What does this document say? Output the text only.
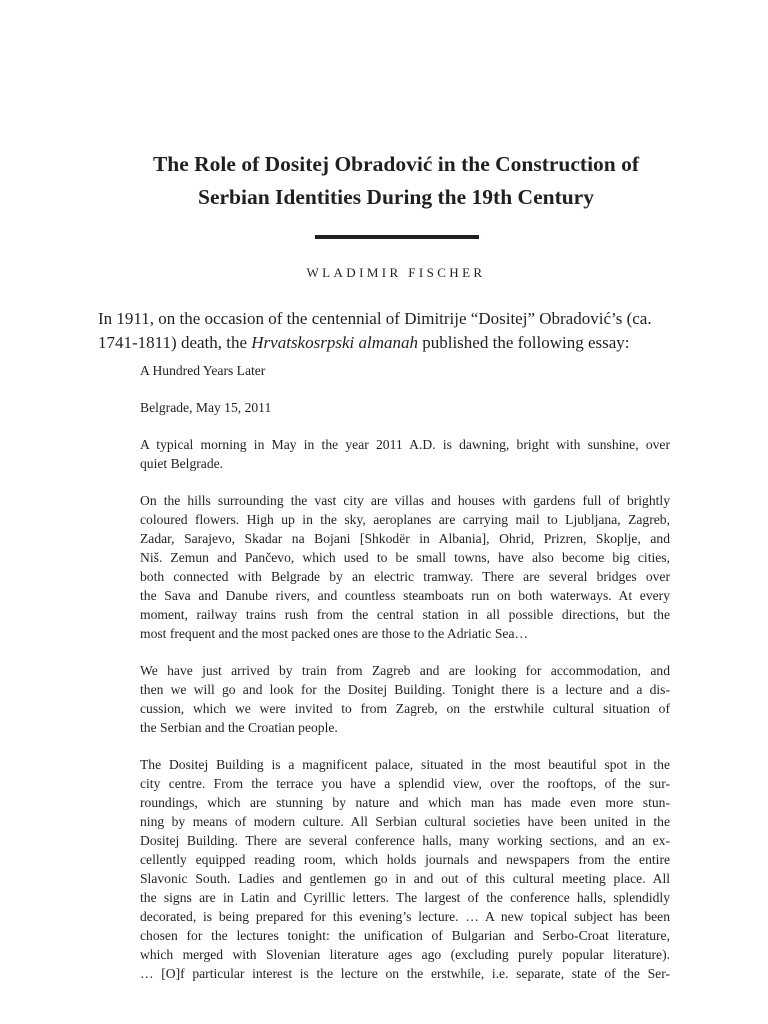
The Role of Dositej Obradović in the Construction of
Serbian Identities During the 19th Century
WLADIMIR FISCHER

In 1911, on the occasion of the centennial of Dimitrije “Dositej” Obradović’s (ca.
1741-1811) death, the Hrvatskosrpski almanah published the following essay:

A Hundred Years Later

Belgrade, May 15, 2011

A typical morning in May in the year 2011 A.D. is dawning, bright with sunshine, over
quiet Belgrade.

On the hills surrounding the vast city are villas and houses with gardens full of brightly
coloured flowers. High up in the sky, aeroplanes are carrying mail to Ljubljana, Zagreb,
Zadar, Sarajevo, Skadar na Bojani [Shkodër in Albania], Ohrid, Prizren, Skoplje, and
Niš. Zemun and Pančevo, which used to be small towns, have also become big cities,
both connected with Belgrade by an electric tramway. There are several bridges over
the Sava and Danube rivers, and countless steamboats run on both waterways. At every
moment, railway trains rush from the central station in all possible directions, but the
most frequent and the most packed ones are those to the Adriatic Sea…

We have just arrived by train from Zagreb and are looking for accommodation, and
then we will go and look for the Dositej Building. Tonight there is a lecture and a dis-
cussion, which we were invited to from Zagreb, on the erstwhile cultural situation of
the Serbian and the Croatian people.

The Dositej Building is a magnificent palace, situated in the most beautiful spot in the
city centre. From the terrace you have a splendid view, over the rooftops, of the sur-
roundings, which are stunning by nature and which man has made even more stun-
ning by means of modern culture. All Serbian cultural societies have been united in the
Dositej Building. There are several conference halls, many working sections, and an ex-
cellently equipped reading room, which holds journals and newspapers from the entire
Slavonic South. Ladies and gentlemen go in and out of this cultural meeting place. All
the signs are in Latin and Cyrillic letters. The largest of the conference halls, splendidly
decorated, is being prepared for this evening’s lecture. … A new topical subject has been
chosen for the lectures tonight: the unification of Bulgarian and Serbo-Croat literature,
which merged with Slovenian literature ages ago (excluding purely popular literature).
… [O]f particular interest is the lecture on the erstwhile, i.e. separate, state of the Ser-
